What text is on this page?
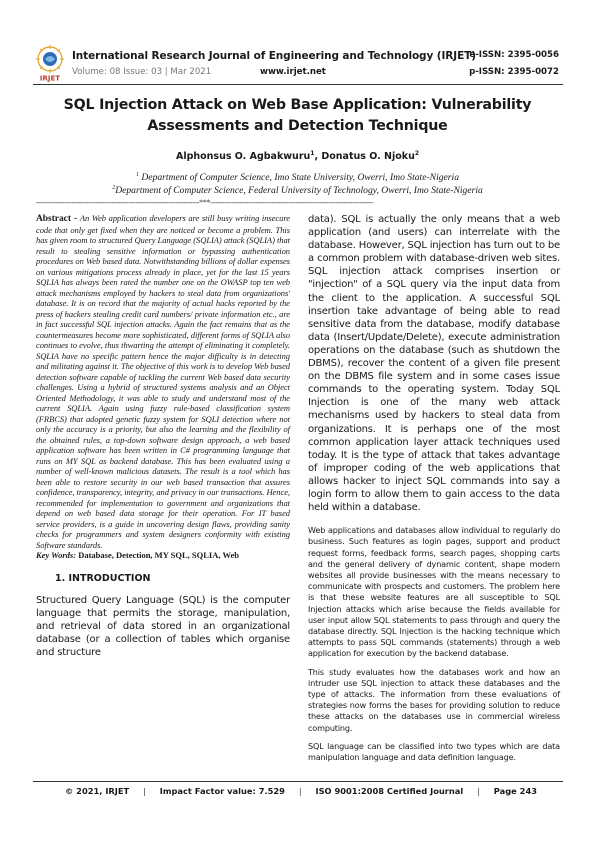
IRJET
International Research Journal of Engineering and Technology (IRJET)
Volume: 08 Issue: 03 | Mar 2021	www.irjet.net
e-ISSN: 2395-0056
p-ISSN: 2395-0072
SQL Injection Attack on Web Base Application: Vulnerability Assessments and Detection Technique
Alphonsus O. Agbakwuru$^1$, Donatus O. Njoku$^2$
$^1$ Department of Computer Science, Imo State University, Owerri, Imo State-Nigeria
$^2$Department of Computer Science, Federal University of Technology, Owerri, Imo State-Nigeria
---------------------------------------------------------------------***---------------------------------------------------------------------

Abstract - An Web application developers are still busy writing insecure code that only get fixed when they are noticed or become a problem. This has given room to structured Query Language (SQLIA) attack (SQLIA) that result to stealing sensitive information or bypassing authentication procedures on Web based data. Notwithstanding billions of dollar expenses on various mitigations process already in place, yet for the last 15 years SQLIA has always been rated the number one on the OWASP top ten web attack mechanisms employed by hackers to steal data from organizations' database. It is on record that the majority of actual hacks reported by the press of hackers stealing credit card numbers/ private information etc., are in fact successful SQL injection attacks. Again the fact remains that as the countermeasures become more sophisticated, different forms of SQLIA also continues to evolve, thus thwarting the attempt of eliminating it completely. SQLIA have no specific pattern hence the major difficulty is in detecting and militating against it. The objective of this work is to develop Web based detection software capable of tackling the current Web based data security challenges. Using a hybrid of structured systems analysis and an Object Oriented Methodology, it was able to study and understand most of the current SQLIA. Again using fuzzy rule-based classification system (FRBCS) that adopted genetic fuzzy system for SQLI detection where not only the accuracy is a priority, but also the learning and the flexibility of the obtained rules, a top-down software design approach, a web based application software has been written in C# programming language that runs on MY SQL as backend database. This has been evaluated using a number of well-known malicious datasets. The result is a tool which has been able to restore security in our web based transaction that assures confidence, transparency, integrity, and privacy in our transactions. Hence, recommended for implementation to government and organizations that depend on web based data storage for their operation. For IT based service providers, is a guide in uncovering design flaws, providing sanity checks for programmers and system designers conformity with existing Software standards.

Key Words: Database, Detection, MY SQL, SQLIA, Web

1. INTRODUCTION

Structured Query Language (SQL) is the computer language that permits the storage, manipulation, and retrieval of data stored in an organizational database (or a collection of tables which organise and structure

data). SQL is actually the only means that a web application (and users) can interrelate with the database. However, SQL injection has turn out to be a common problem with database-driven web sites. SQL injection attack comprises insertion or "injection" of a SQL query via the input data from the client to the application. A successful SQL insertion take advantage of being able to read sensitive data from the database, modify database data (Insert/Update/Delete), execute administration operations on the database (such as shutdown the DBMS), recover the content of a given file present on the DBMS file system and in some cases issue commands to the operating system. Today SQL Injection is one of the many web attack mechanisms used by hackers to steal data from organizations. It is perhaps one of the most common application layer attack techniques used today. It is the type of attack that takes advantage of improper coding of the web applications that allows hacker to inject SQL commands into say a login form to allow them to gain access to the data held within a database.

Web applications and databases allow individual to regularly do business. Such features as login pages, support and product request forms, feedback forms, search pages, shopping carts and the general delivery of dynamic content, shape modern websites all provide businesses with the means necessary to communicate with prospects and customers. The problem here is that these website features are all susceptible to SQL Injection attacks which arise because the fields available for user input allow SQL statements to pass through and query the database directly. SQL Injection is the hacking technique which attempts to pass SQL commands (statements) through a web application for execution by the backend database.

This study evaluates how the databases work and how an intruder use SQL injection to attack these databases and the type of attacks. The information from these evaluations of strategies now forms the bases for providing solution to reduce these attacks on the databases use in commercial wireless computing.

SQL language can be classified into two types which are data manipulation language and data definition language.

© 2021, IRJET | Impact Factor value: 7.529 | ISO 9001:2008 Certified Journal | Page 243
